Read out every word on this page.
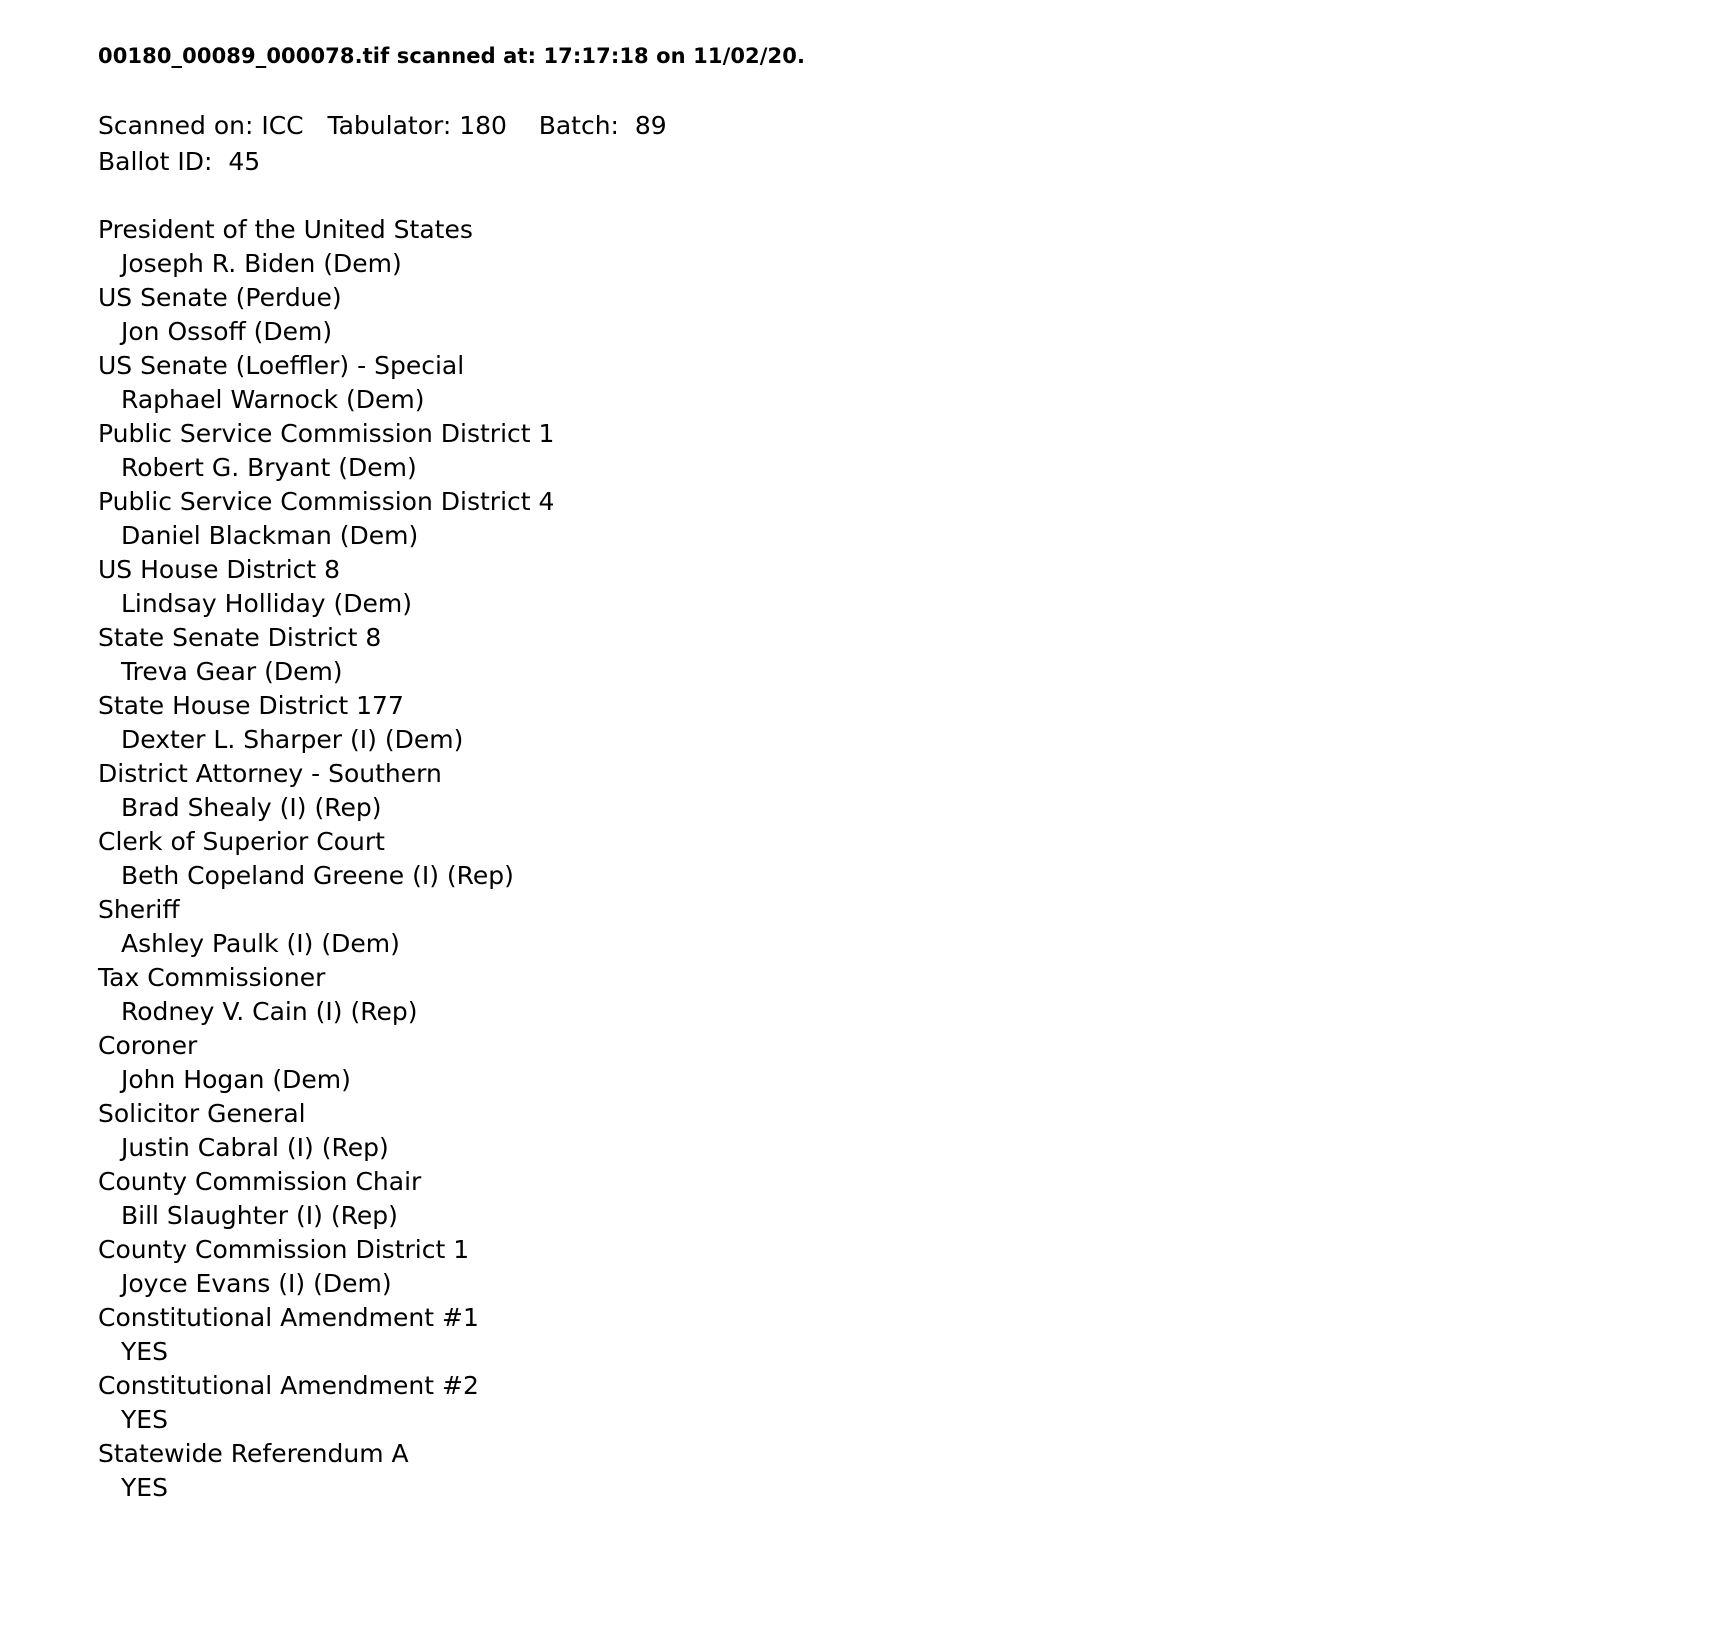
00180_00089_000078.tif scanned at: 17:17:18 on 11/02/20.
Scanned on: ICC   Tabulator: 180    Batch:  89
Ballot ID:  45
President of the United States
Joseph R. Biden (Dem)
US Senate (Perdue)
Jon Ossoff (Dem)
US Senate (Loeffler) - Special
Raphael Warnock (Dem)
Public Service Commission District 1
Robert G. Bryant (Dem)
Public Service Commission District 4
Daniel Blackman (Dem)
US House District 8
Lindsay Holliday (Dem)
State Senate District 8
Treva Gear (Dem)
State House District 177
Dexter L. Sharper (I) (Dem)
District Attorney - Southern
Brad Shealy (I) (Rep)
Clerk of Superior Court
Beth Copeland Greene (I) (Rep)
Sheriff
Ashley Paulk (I) (Dem)
Tax Commissioner
Rodney V. Cain (I) (Rep)
Coroner
John Hogan (Dem)
Solicitor General
Justin Cabral (I) (Rep)
County Commission Chair
Bill Slaughter (I) (Rep)
County Commission District 1
Joyce Evans (I) (Dem)
Constitutional Amendment #1
YES
Constitutional Amendment #2
YES
Statewide Referendum A
YES
